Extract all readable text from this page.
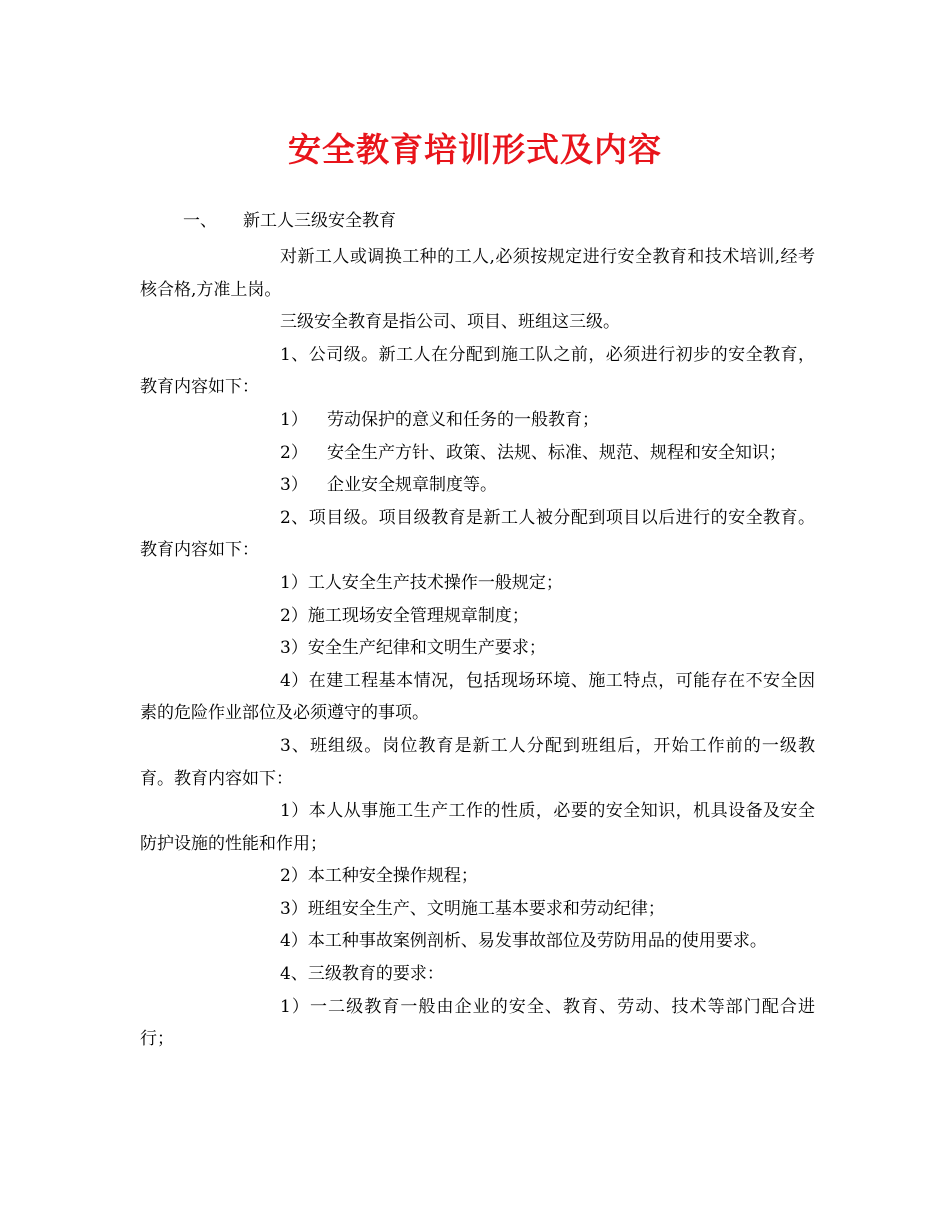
安全教育培训形式及内容
一、 新工人三级安全教育

对新工人或调换工种的工人,必须按规定进行安全教育和技术培训,经考核合格,方准上岗。

三级安全教育是指公司、项目、班组这三级。

1、公司级。新工人在分配到施工队之前，必须进行初步的安全教育，教育内容如下：

1） 劳动保护的意义和任务的一般教育；

2） 安全生产方针、政策、法规、标准、规范、规程和安全知识；

3） 企业安全规章制度等。

2、项目级。项目级教育是新工人被分配到项目以后进行的安全教育。教育内容如下：

1）工人安全生产技术操作一般规定；

2）施工现场安全管理规章制度；

3）安全生产纪律和文明生产要求；

4）在建工程基本情况，包括现场环境、施工特点，可能存在不安全因素的危险作业部位及必须遵守的事项。

3、班组级。岗位教育是新工人分配到班组后，开始工作前的一级教育。教育内容如下：

1）本人从事施工生产工作的性质，必要的安全知识，机具设备及安全防护设施的性能和作用；

2）本工种安全操作规程；

3）班组安全生产、文明施工基本要求和劳动纪律；

4）本工种事故案例剖析、易发事故部位及劳防用品的使用要求。

4、三级教育的要求：

1）一二级教育一般由企业的安全、教育、劳动、技术等部门配合进行；
